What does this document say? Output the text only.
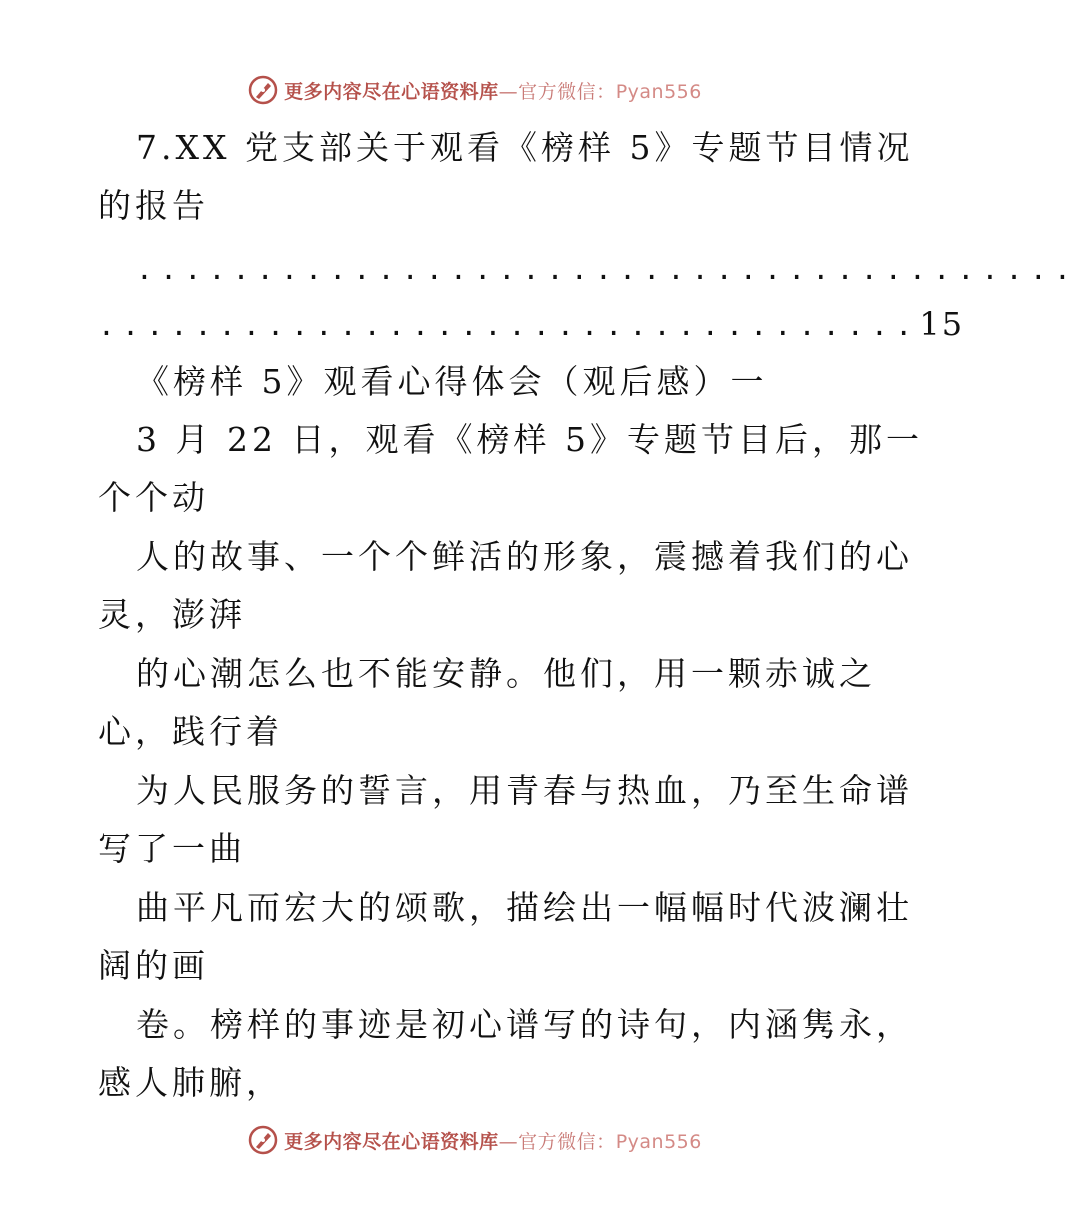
更多内容尽在心语资料库—官方微信：Pyan556
7.XX 党支部关于观看《榜样 5》专题节目情况
的报告
.......................................
..................................15
《榜样 5》观看心得体会（观后感）一
3 月 22 日，观看《榜样 5》专题节目后，那一
个个动
人的故事、一个个鲜活的形象，震撼着我们的心
灵，澎湃
的心潮怎么也不能安静。他们，用一颗赤诚之
心，践行着
为人民服务的誓言，用青春与热血，乃至生命谱
写了一曲
曲平凡而宏大的颂歌，描绘出一幅幅时代波澜壮
阔的画
卷。榜样的事迹是初心谱写的诗句，内涵隽永，
感人肺腑，
更多内容尽在心语资料库—官方微信：Pyan556
